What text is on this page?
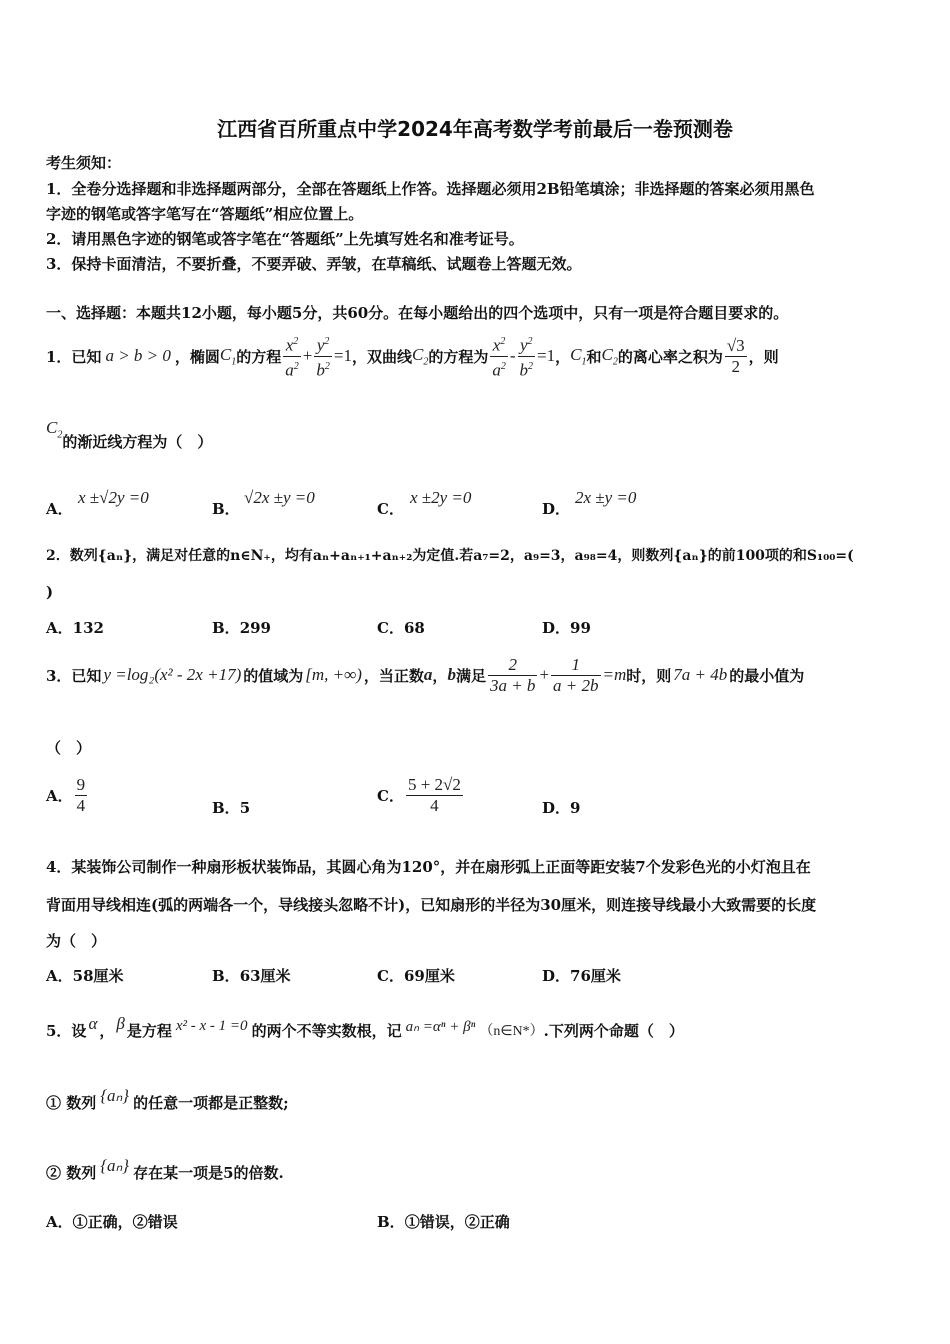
江西省百所重点中学2024年高考数学考前最后一卷预测卷
考生须知：
1．全卷分选择题和非选择题两部分，全部在答题纸上作答。选择题必须用2B铅笔填涂；非选择题的答案必须用黑色
字迹的钢笔或答字笔写在“答题纸”相应位置上。
2．请用黑色字迹的钢笔或答字笔在“答题纸”上先填写姓名和准考证号。
3．保持卡面清洁，不要折叠，不要弄破、弄皱，在草稿纸、试题卷上答题无效。
一、选择题：本题共12小题，每小题5分，共60分。在每小题给出的四个选项中，只有一项是符合题目要求的。
1．已知 a > b > 0 ，椭圆 $C_1$ 的方程 $\frac{x^2}{a^2} + \frac{y^2}{b^2} =1$ ，双曲线 $C_2$ 的方程为 $\frac{x^2}{a^2} - \frac{y^2}{b^2} =1$ ， $C_1$ 和 $C_2$ 的离心率之积为 $\frac{√3}{2}$ ，则
$C_2$ 的渐近线方程为（　）
A．
x ±√2y =0
B．
√2x ±y =0
C．
x ±2y =0
D．
2x ±y =0
2．数列{aₙ}，满足对任意的n∈N₊，均有aₙ+aₙ₊₁+aₙ₊₂为定值.若a₇=2，a₉=3，a₉₈=4，则数列{aₙ}的前100项的和S₁₀₀=(
)
A．132	B．299	C．68	D．99
3．已知 y =log₂(x² - 2x +17) 的值域为 [m, +∞) ，当正数 a ， b 满足 $\frac{2}{3a + b} + \frac{1}{a + 2b} =m$ 时，则 7a + 4b 的最小值为
（　）
A． $\frac{9}{4}$	B．5
C． $\frac{5 + 2√2}{4}$	D．9
4．某装饰公司制作一种扇形板状装饰品，其圆心角为120°，并在扇形弧上正面等距安装7个发彩色光的小灯泡且在
背面用导线相连(弧的两端各一个，导线接头忽略不计)，已知扇形的半径为30厘米，则连接导线最小大致需要的长度
为（　）
A．58厘米	B．63厘米	C．69厘米	D．76厘米
5．设 α ， β 是方程 x² - x - 1 =0 的两个不等实数根，记 aₙ =αⁿ + βⁿ （n∈N*） .下列两个命题（　）
① 数列 {aₙ} 的任意一项都是正整数;
② 数列 {aₙ} 存在某一项是5的倍数.
A．①正确，②错误	B．①错误，②正确
